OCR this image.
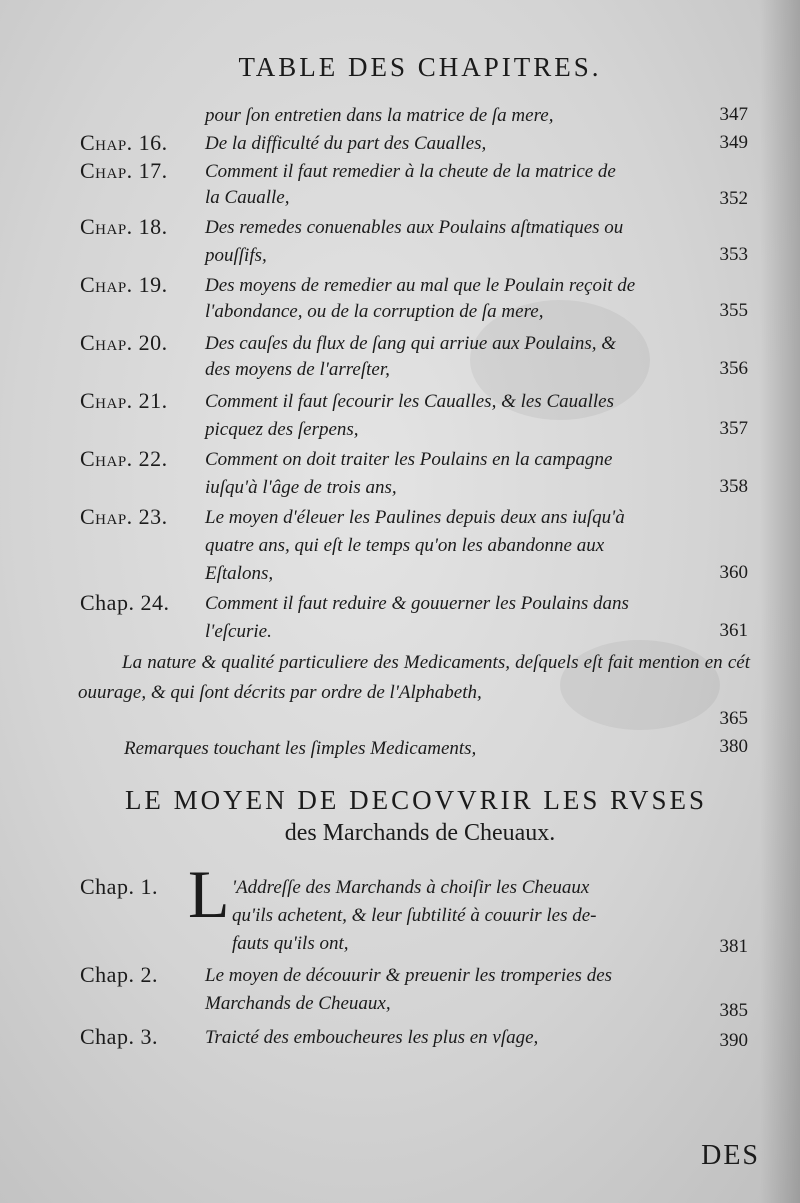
TABLE DES CHAPITRES.
pour ſon entretien dans la matrice de ſa mere,	347
Chap. 16. De la difficulté du part des Caualles,	349
Chap. 17. Comment il faut remedier à la cheute de la matrice de
la Caualle,	352
Chap. 18. Des remedes conuenables aux Poulains aſtmatiques ou
pouſſifs,	353
Chap. 19. Des moyens de remedier au mal que le Poulain reçoit de
l'abondance, ou de la corruption de ſa mere,	355
Chap. 20. Des cauſes du flux de ſang qui arriue aux Poulains, &
des moyens de l'arreſter,	356
Chap. 21. Comment il faut ſecourir les Caualles, & les Caualles
picquez des ſerpens,	357
Chap. 22. Comment on doit traiter les Poulains en la campagne
iuſqu'à l'âge de trois ans,	358
Chap. 23. Le moyen d'éleuer les Paulines depuis deux ans iuſqu'à
quatre ans, qui eſt le temps qu'on les abandonne aux
Eſtalons,	360
Chap. 24. Comment il faut reduire & gouuerner les Poulains dans
l'eſcurie.	361
La nature & qualité particuliere des Medicaments, deſquels eſt fait mention en cét ouurage, & qui ſont décrits par ordre de l'Alphabeth,
365
Remarques touchant les ſimples Medicaments,	380
LE MOYEN DE DECOVVRIR LES RVSES
des Marchands de Cheuaux.
Chap. 1. L 'Addreſſe des Marchands à choiſir les Cheuaux
qu'ils achetent, & leur ſubtilité à couurir les de-
fauts qu'ils ont,	381
Chap. 2. Le moyen de découurir & preuenir les tromperies des
Marchands de Cheuaux,	385
Chap. 3. Traicté des emboucheures les plus en vſage,	390
DES
